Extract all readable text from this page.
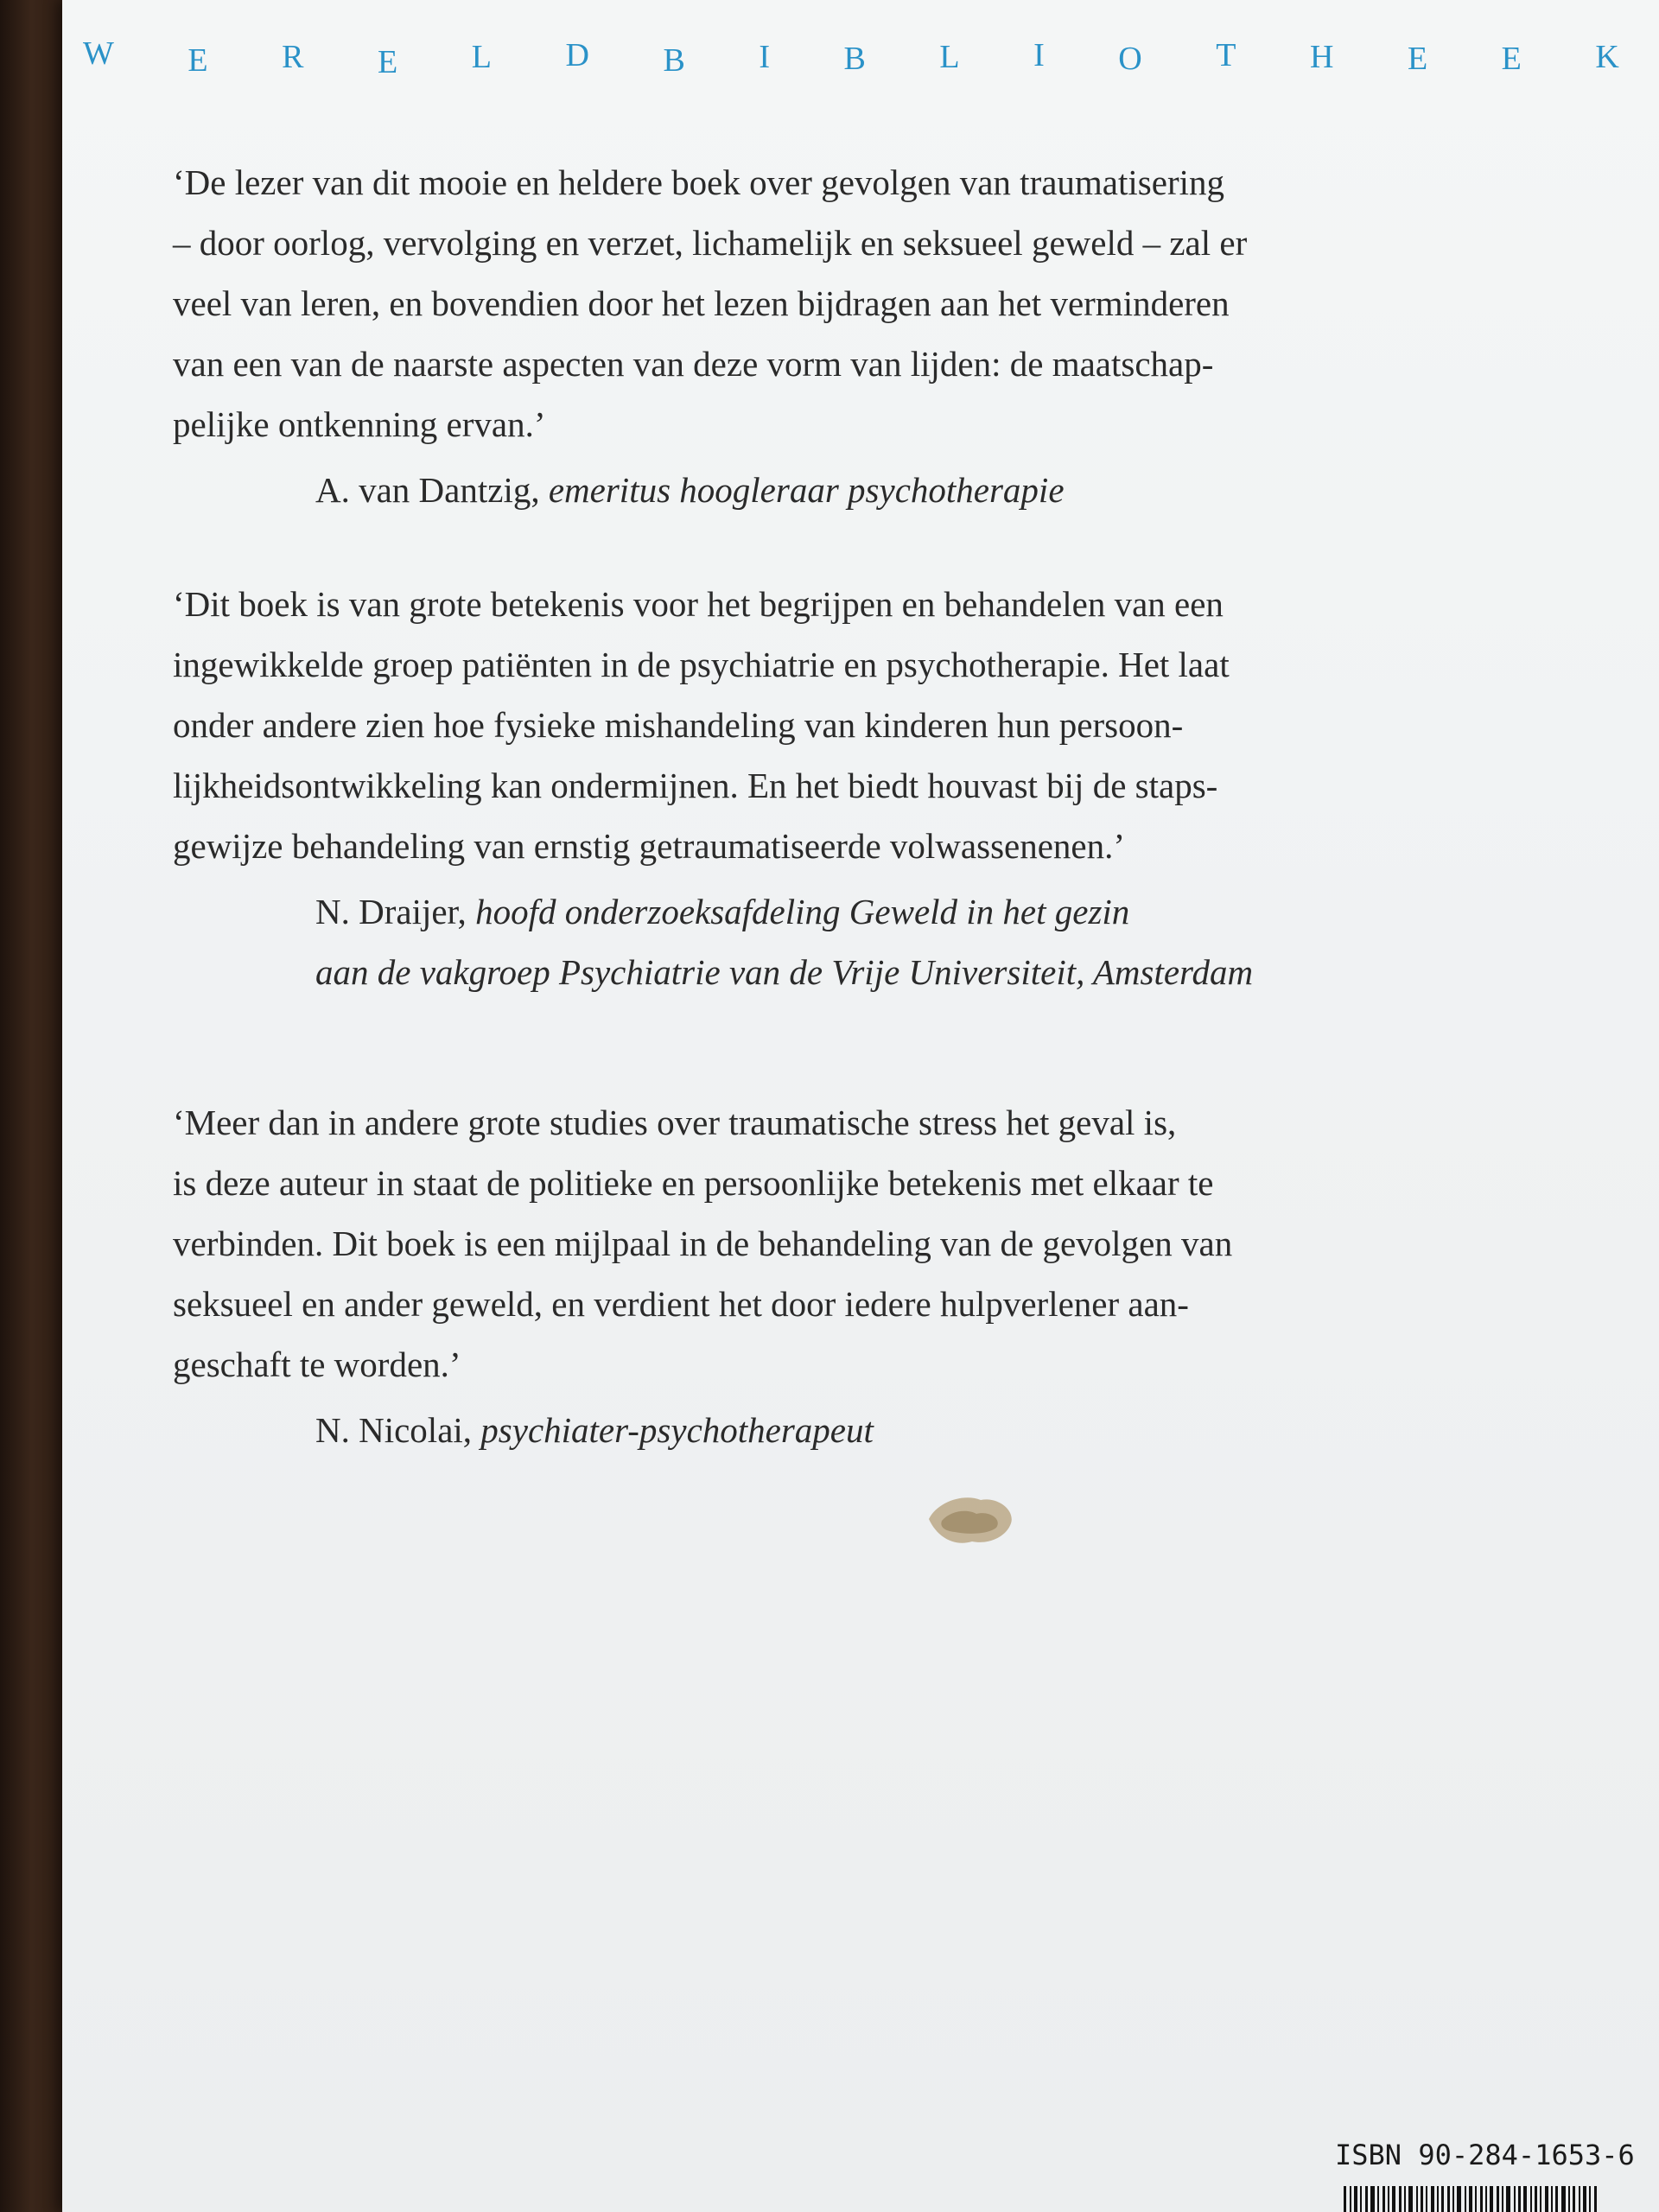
W E R E L D B I B L I O T H E E K

‘De lezer van dit mooie en heldere boek over gevolgen van traumatisering
– door oorlog, vervolging en verzet, lichamelijk en seksueel geweld – zal er
veel van leren, en bovendien door het lezen bijdragen aan het verminderen
van een van de naarste aspecten van deze vorm van lijden: de maatschap-
pelijke ontkenning ervan.’

A. van Dantzig, emeritus hoogleraar psychotherapie

‘Dit boek is van grote betekenis voor het begrijpen en behandelen van een
ingewikkelde groep patiënten in de psychiatrie en psychotherapie. Het laat
onder andere zien hoe fysieke mishandeling van kinderen hun persoon-
lijkheidsontwikkeling kan ondermijnen. En het biedt houvast bij de staps-
gewijze behandeling van ernstig getraumatiseerde volwassenenen.’

N. Draijer, hoofd onderzoeksafdeling Geweld in het gezin
aan de vakgroep Psychiatrie van de Vrije Universiteit, Amsterdam

‘Meer dan in andere grote studies over traumatische stress het geval is,
is deze auteur in staat de politieke en persoonlijke betekenis met elkaar te
verbinden. Dit boek is een mijlpaal in de behandeling van de gevolgen van
seksueel en ander geweld, en verdient het door iedere hulpverlener aan-
geschaft te worden.’

N. Nicolai, psychiater-psychotherapeut
ISBN 90-284-1653-6
